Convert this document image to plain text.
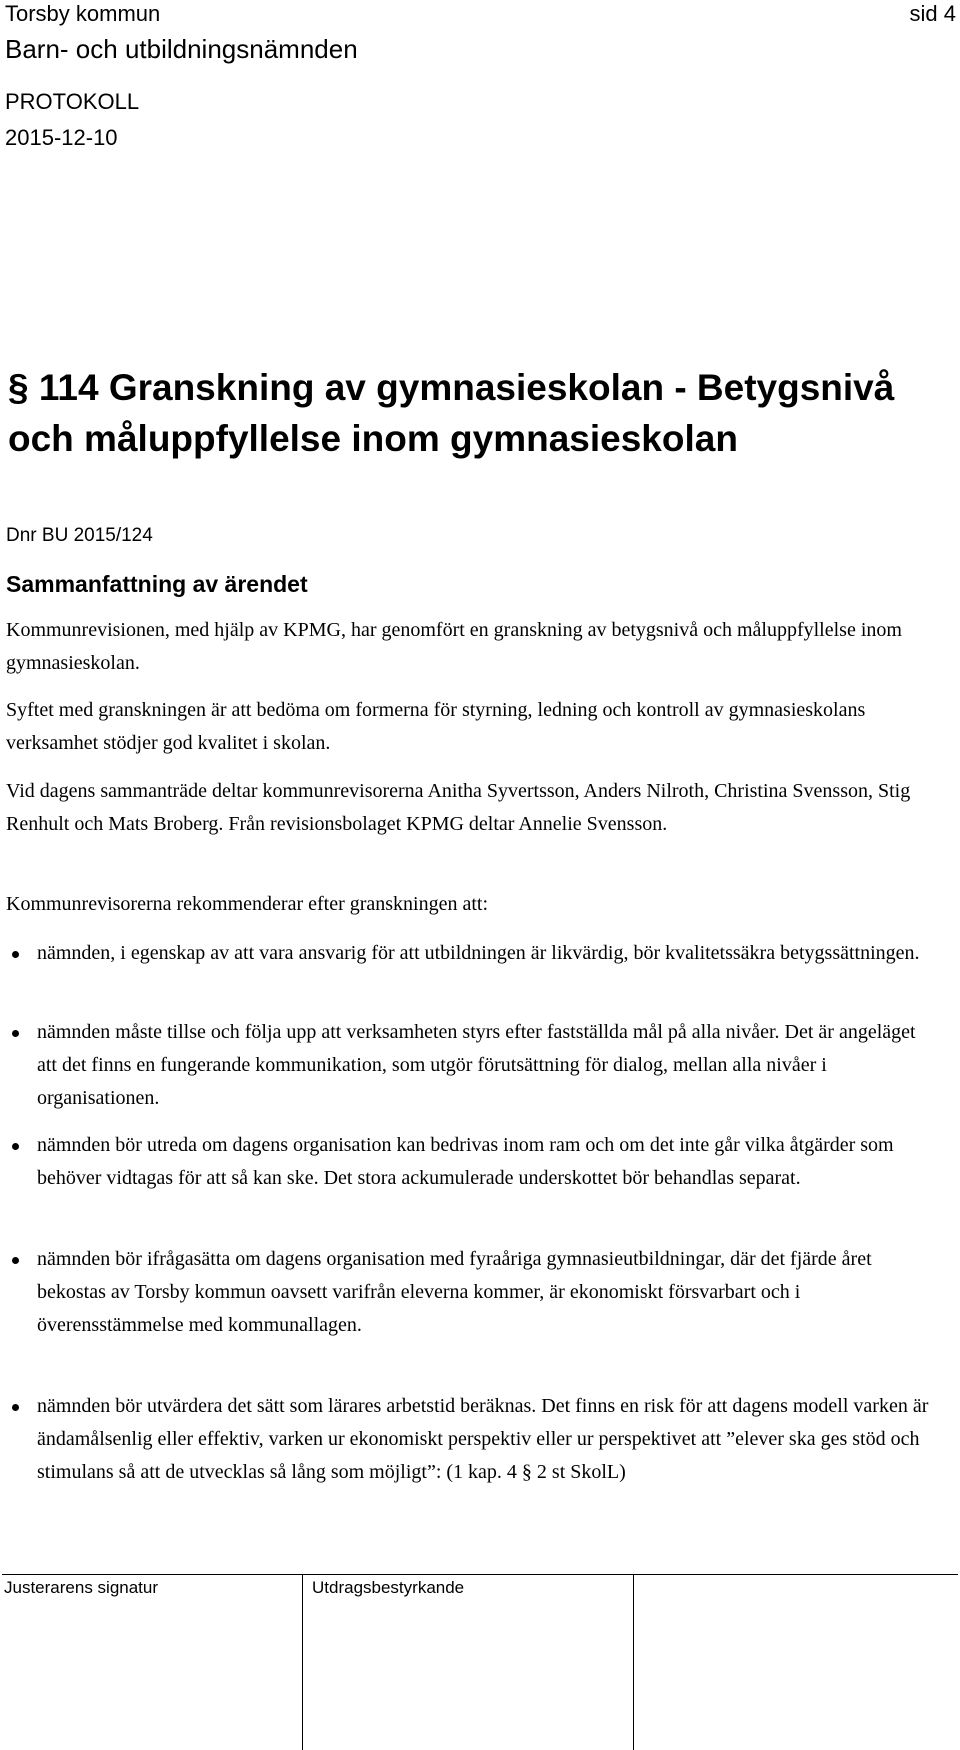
Torsby kommun
Barn- och utbildningsnämnden
sid 4
PROTOKOLL
2015-12-10
§ 114 Granskning av gymnasieskolan - Betygsnivå och måluppfyllelse inom gymnasieskolan
Dnr BU 2015/124
Sammanfattning av ärendet

Kommunrevisionen, med hjälp av KPMG, har genomfört en granskning av betygsnivå och måluppfyllelse inom gymnasieskolan.

Syftet med granskningen är att bedöma om formerna för styrning, ledning och kontroll av gymnasieskolans verksamhet stödjer god kvalitet i skolan.

Vid dagens sammanträde deltar kommunrevisorerna Anitha Syvertsson, Anders Nilroth, Christina Svensson, Stig Renhult och Mats Broberg. Från revisionsbolaget KPMG deltar Annelie Svensson.

Kommunrevisorerna rekommenderar efter granskningen att:

nämnden, i egenskap av att vara ansvarig för att utbildningen är likvärdig, bör kvalitetssäkra betygssättningen.

nämnden måste tillse och följa upp att verksamheten styrs efter fastställda mål på alla nivåer. Det är angeläget att det finns en fungerande kommunikation, som utgör förutsättning för dialog, mellan alla nivåer i organisationen.

nämnden bör utreda om dagens organisation kan bedrivas inom ram och om det inte går vilka åtgärder som behöver vidtagas för att så kan ske. Det stora ackumulerade underskottet bör behandlas separat.

nämnden bör ifrågasätta om dagens organisation med fyraåriga gymnasieutbildningar, där det fjärde året bekostas av Torsby kommun oavsett varifrån eleverna kommer, är ekonomiskt försvarbart och i överensstämmelse med kommunallagen.

nämnden bör utvärdera det sätt som lärares arbetstid beräknas. Det finns en risk för att dagens modell varken är ändamålsenlig eller effektiv, varken ur ekonomiskt perspektiv eller ur perspektivet att ”elever ska ges stöd och stimulans så att de utvecklas så lång som möjligt”: (1 kap. 4 § 2 st SkolL)

Justerarens signatur	Utdragsbestyrkande
